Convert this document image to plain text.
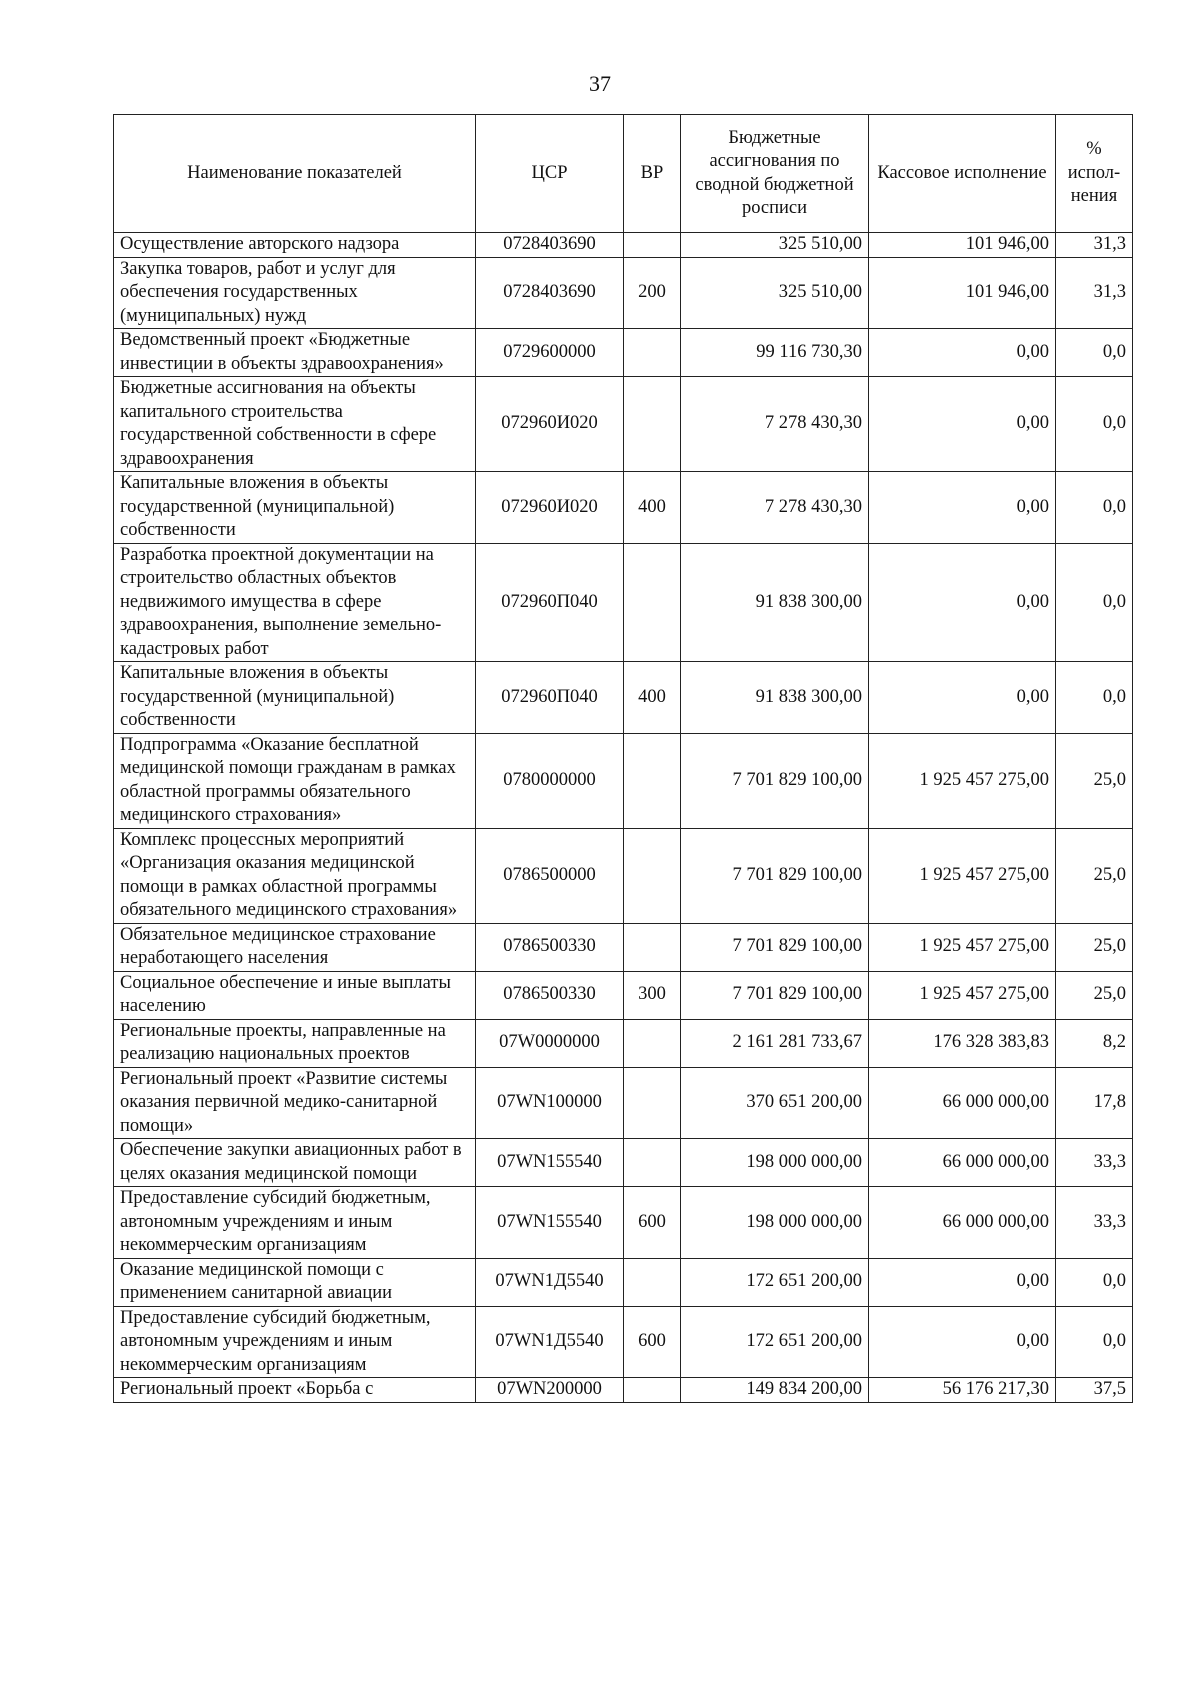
37
Наименование показателей	ЦСР	ВР	Бюджетные ассигнования по сводной бюджетной росписи	Кассовое исполнение	% испол-нения
Осуществление авторского надзора	0728403690		325 510,00	101 946,00	31,3
Закупка товаров, работ и услуг для обеспечения государственных (муниципальных) нужд	0728403690	200	325 510,00	101 946,00	31,3
Ведомственный проект «Бюджетные инвестиции в объекты здравоохранения»	0729600000		99 116 730,30	0,00	0,0
Бюджетные ассигнования на объекты капитального строительства государственной собственности в сфере здравоохранения	072960И020		7 278 430,30	0,00	0,0
Капитальные вложения в объекты государственной (муниципальной) собственности	072960И020	400	7 278 430,30	0,00	0,0
Разработка проектной документации на строительство областных объектов недвижимого имущества в сфере здравоохранения, выполнение земельно-кадастровых работ	072960П040		91 838 300,00	0,00	0,0
Капитальные вложения в объекты государственной (муниципальной) собственности	072960П040	400	91 838 300,00	0,00	0,0
Подпрограмма «Оказание бесплатной медицинской помощи гражданам в рамках областной программы обязательного медицинского страхования»	0780000000		7 701 829 100,00	1 925 457 275,00	25,0
Комплекс процессных мероприятий «Организация оказания медицинской помощи в рамках областной программы обязательного медицинского страхования»	0786500000		7 701 829 100,00	1 925 457 275,00	25,0
Обязательное медицинское страхование неработающего населения	0786500330		7 701 829 100,00	1 925 457 275,00	25,0
Социальное обеспечение и иные выплаты населению	0786500330	300	7 701 829 100,00	1 925 457 275,00	25,0
Региональные проекты, направленные на реализацию национальных проектов	07W0000000		2 161 281 733,67	176 328 383,83	8,2
Региональный проект «Развитие системы оказания первичной медико-санитарной помощи»	07WN100000		370 651 200,00	66 000 000,00	17,8
Обеспечение закупки авиационных работ в целях оказания медицинской помощи	07WN155540		198 000 000,00	66 000 000,00	33,3
Предоставление субсидий бюджетным, автономным учреждениям и иным некоммерческим организациям	07WN155540	600	198 000 000,00	66 000 000,00	33,3
Оказание медицинской помощи с применением санитарной авиации	07WN1Д5540		172 651 200,00	0,00	0,0
Предоставление субсидий бюджетным, автономным учреждениям и иным некоммерческим организациям	07WN1Д5540	600	172 651 200,00	0,00	0,0
Региональный проект «Борьба с	07WN200000		149 834 200,00	56 176 217,30	37,5
